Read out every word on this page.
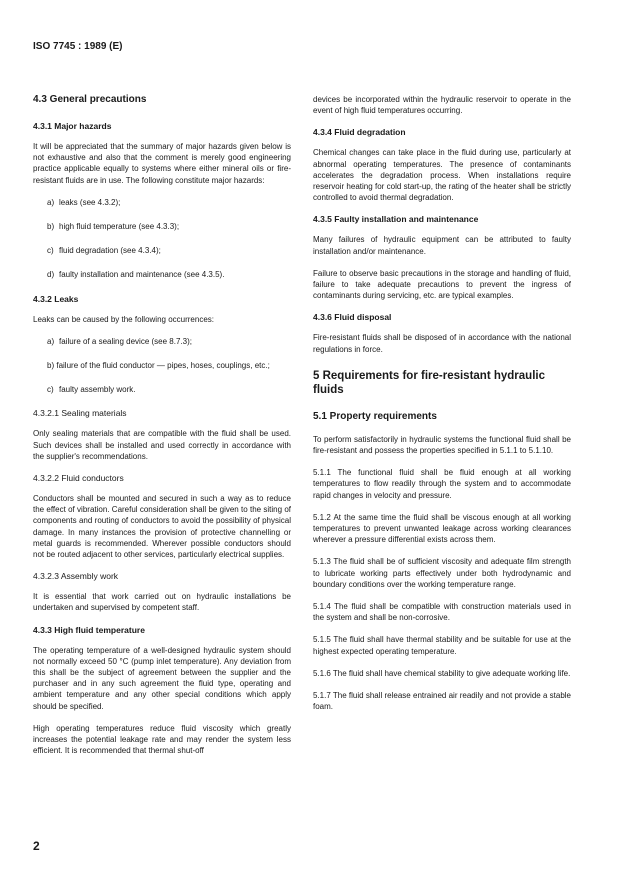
ISO 7745 : 1989 (E)
4.3 General precautions
4.3.1 Major hazards
It will be appreciated that the summary of major hazards given below is not exhaustive and also that the comment is merely good engineering practice applicable equally to systems where either mineral oils or fire-resistant fluids are in use. The following constitute major hazards:
a) leaks (see 4.3.2);
b) high fluid temperature (see 4.3.3);
c) fluid degradation (see 4.3.4);
d) faulty installation and maintenance (see 4.3.5).
4.3.2 Leaks
Leaks can be caused by the following occurrences:
a) failure of a sealing device (see 8.7.3);
b) failure of the fluid conductor — pipes, hoses, couplings, etc.;
c) faulty assembly work.
4.3.2.1 Sealing materials
Only sealing materials that are compatible with the fluid shall be used. Such devices shall be installed and used correctly in accordance with the supplier's recommendations.
4.3.2.2 Fluid conductors
Conductors shall be mounted and secured in such a way as to reduce the effect of vibration. Careful consideration shall be given to the siting of components and routing of conductors to avoid the possibility of physical damage. In many instances the provision of protective channelling or metal guards is recommended. Wherever possible conductors should not be routed adjacent to other services, particularly electrical supplies.
4.3.2.3 Assembly work
It is essential that work carried out on hydraulic installations be undertaken and supervised by competent staff.
4.3.3 High fluid temperature
The operating temperature of a well-designed hydraulic system should not normally exceed 50 °C (pump inlet temperature). Any deviation from this shall be the subject of agreement between the supplier and the purchaser and in any such agreement the fluid type, operating and ambient temperature and any other special conditions which apply should be specified.
High operating temperatures reduce fluid viscosity which greatly increases the potential leakage rate and may render the system less efficient. It is recommended that thermal shut-off
devices be incorporated within the hydraulic reservoir to operate in the event of high fluid temperatures occurring.
4.3.4 Fluid degradation
Chemical changes can take place in the fluid during use, particularly at abnormal operating temperatures. The presence of contaminants accelerates the degradation process. When installations require reservoir heating for cold start-up, the rating of the heater shall be strictly controlled to avoid thermal degradation.
4.3.5 Faulty installation and maintenance
Many failures of hydraulic equipment can be attributed to faulty installation and/or maintenance.
Failure to observe basic precautions in the storage and handling of fluid, failure to take adequate precautions to prevent the ingress of contaminants during servicing, etc. are typical examples.
4.3.6 Fluid disposal
Fire-resistant fluids shall be disposed of in accordance with the national regulations in force.
5 Requirements for fire-resistant hydraulic fluids
5.1 Property requirements
To perform satisfactorily in hydraulic systems the functional fluid shall be fire-resistant and possess the properties specified in 5.1.1 to 5.1.10.
5.1.1 The functional fluid shall be fluid enough at all working temperatures to flow readily through the system and to accommodate rapid changes in velocity and pressure.
5.1.2 At the same time the fluid shall be viscous enough at all working temperatures to prevent unwanted leakage across working clearances wherever a pressure differential exists across them.
5.1.3 The fluid shall be of sufficient viscosity and adequate film strength to lubricate working parts effectively under both hydrodynamic and boundary conditions over the working temperature range.
5.1.4 The fluid shall be compatible with construction materials used in the system and shall be non-corrosive.
5.1.5 The fluid shall have thermal stability and be suitable for use at the highest expected operating temperature.
5.1.6 The fluid shall have chemical stability to give adequate working life.
5.1.7 The fluid shall release entrained air readily and not provide a stable foam.
2
